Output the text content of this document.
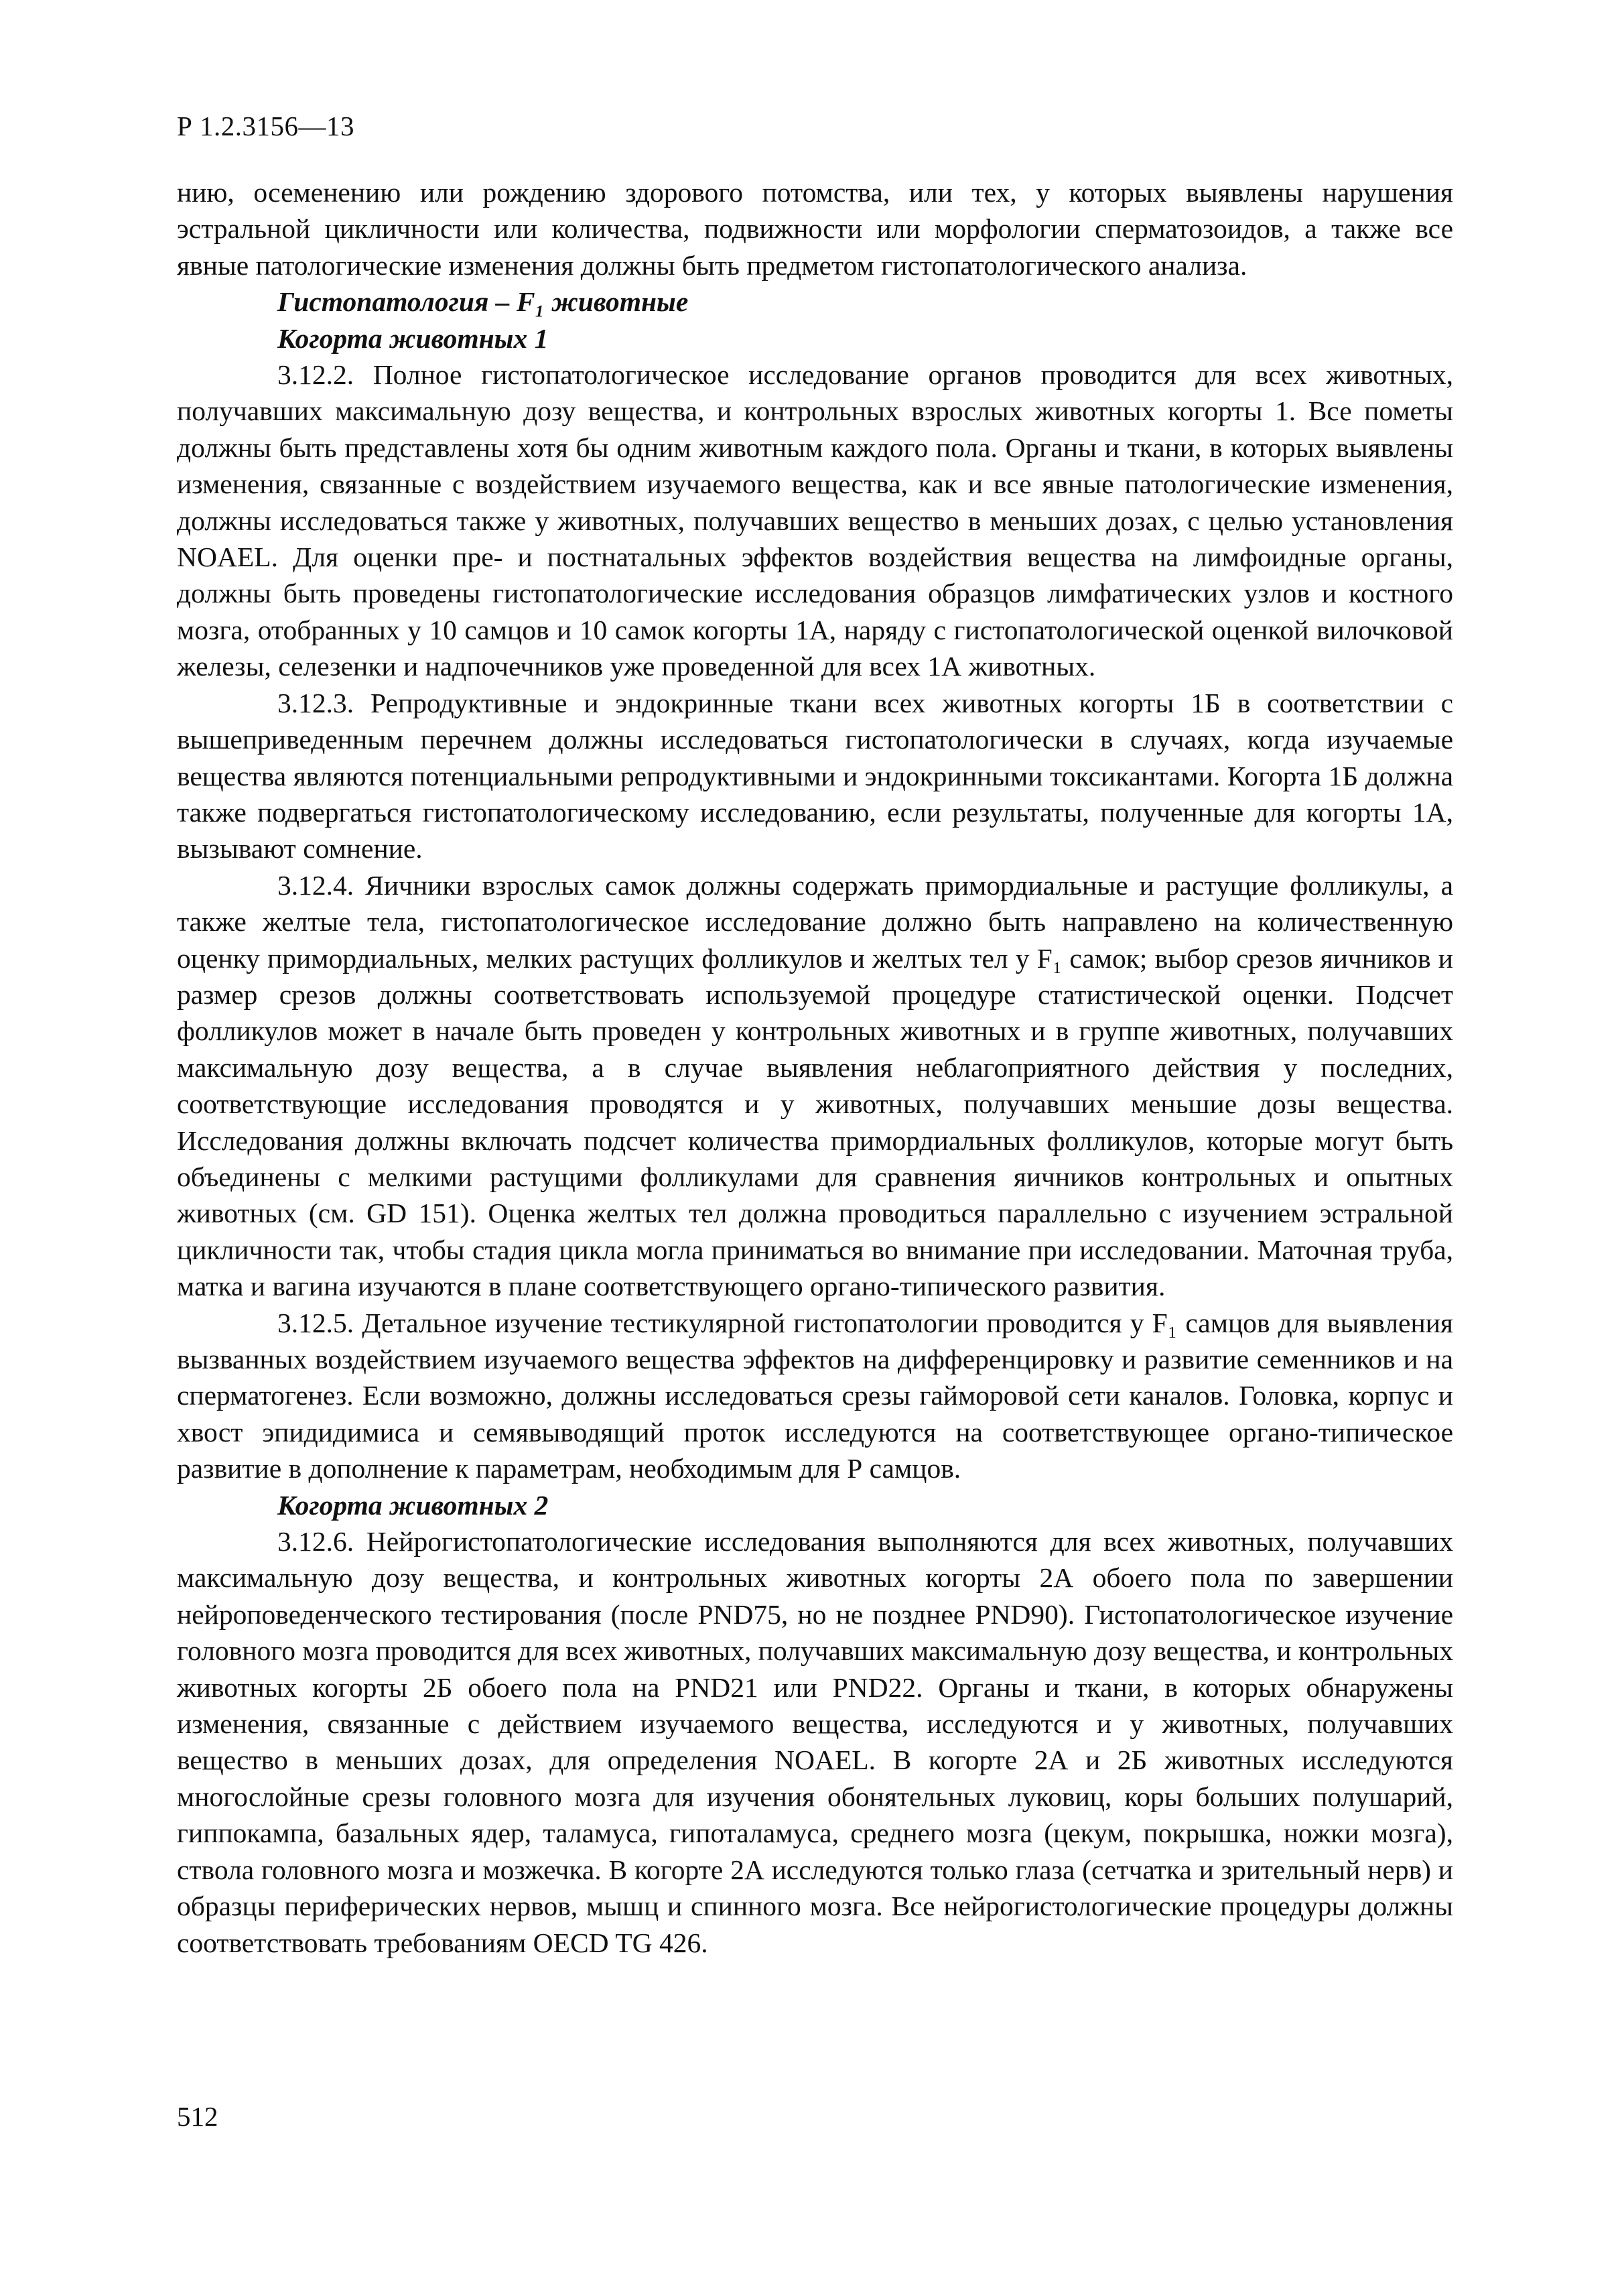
Р 1.2.3156—13

нию, осеменению или рождению здорового потомства, или тех, у которых выявлены нарушения эстральной цикличности или количества, подвижности или морфологии сперматозоидов, а также все явные патологические изменения должны быть предметом гистопатологического анализа.

Гистопатология – F₁ животные

Когорта животных 1

3.12.2. Полное гистопатологическое исследование органов проводится для всех животных, получавших максимальную дозу вещества, и контрольных взрослых животных когорты 1. Все пометы должны быть представлены хотя бы одним животным каждого пола. Органы и ткани, в которых выявлены изменения, связанные с воздействием изучаемого вещества, как и все явные патологические изменения, должны исследоваться также у животных, получавших вещество в меньших дозах, с целью установления NOAEL. Для оценки пре- и постнатальных эффектов воздействия вещества на лимфоидные органы, должны быть проведены гистопатологические исследования образцов лимфатических узлов и костного мозга, отобранных у 10 самцов и 10 самок когорты 1А, наряду с гистопатологической оценкой вилочковой железы, селезенки и надпочечников уже проведенной для всех 1А животных.

3.12.3. Репродуктивные и эндокринные ткани всех животных когорты 1Б в соответствии с вышеприведенным перечнем должны исследоваться гистопатологически в случаях, когда изучаемые вещества являются потенциальными репродуктивными и эндокринными токсикантами. Когорта 1Б должна также подвергаться гистопатологическому исследованию, если результаты, полученные для когорты 1А, вызывают сомнение.

3.12.4. Яичники взрослых самок должны содержать примордиальные и растущие фолликулы, а также желтые тела, гистопатологическое исследование должно быть направлено на количественную оценку примордиальных, мелких растущих фолликулов и желтых тел у F₁ самок; выбор срезов яичников и размер срезов должны соответствовать используемой процедуре статистической оценки. Подсчет фолликулов может в начале быть проведен у контрольных животных и в группе животных, получавших максимальную дозу вещества, а в случае выявления неблагоприятного действия у последних, соответствующие исследования проводятся и у животных, получавших меньшие дозы вещества. Исследования должны включать подсчет количества примордиальных фолликулов, которые могут быть объединены с мелкими растущими фолликулами для сравнения яичников контрольных и опытных животных (см. GD 151). Оценка желтых тел должна проводиться параллельно с изучением эстральной цикличности так, чтобы стадия цикла могла приниматься во внимание при исследовании. Маточная труба, матка и вагина изучаются в плане соответствующего органо-типического развития.

3.12.5. Детальное изучение тестикулярной гистопатологии проводится у F₁ самцов для выявления вызванных воздействием изучаемого вещества эффектов на дифференцировку и развитие семенников и на сперматогенез. Если возможно, должны исследоваться срезы гайморовой сети каналов. Головка, корпус и хвост эпидидимиса и семявыводящий проток исследуются на соответствующее органо-типическое развитие в дополнение к параметрам, необходимым для Р самцов.

Когорта животных 2

3.12.6. Нейрогистопатологические исследования выполняются для всех животных, получавших максимальную дозу вещества, и контрольных животных когорты 2А обоего пола по завершении нейроповеденческого тестирования (после PND75, но не позднее PND90). Гистопатологическое изучение головного мозга проводится для всех животных, получавших максимальную дозу вещества, и контрольных животных когорты 2Б обоего пола на PND21 или PND22. Органы и ткани, в которых обнаружены изменения, связанные с действием изучаемого вещества, исследуются и у животных, получавших вещество в меньших дозах, для определения NOAEL. В когорте 2А и 2Б животных исследуются многослойные срезы головного мозга для изучения обонятельных луковиц, коры больших полушарий, гиппокампа, базальных ядер, таламуса, гипоталамуса, среднего мозга (цекум, покрышка, ножки мозга), ствола головного мозга и мозжечка. В когорте 2А исследуются только глаза (сетчатка и зрительный нерв) и образцы периферических нервов, мышц и спинного мозга. Все нейрогистологические процедуры должны соответствовать требованиям OECD TG 426.

512
